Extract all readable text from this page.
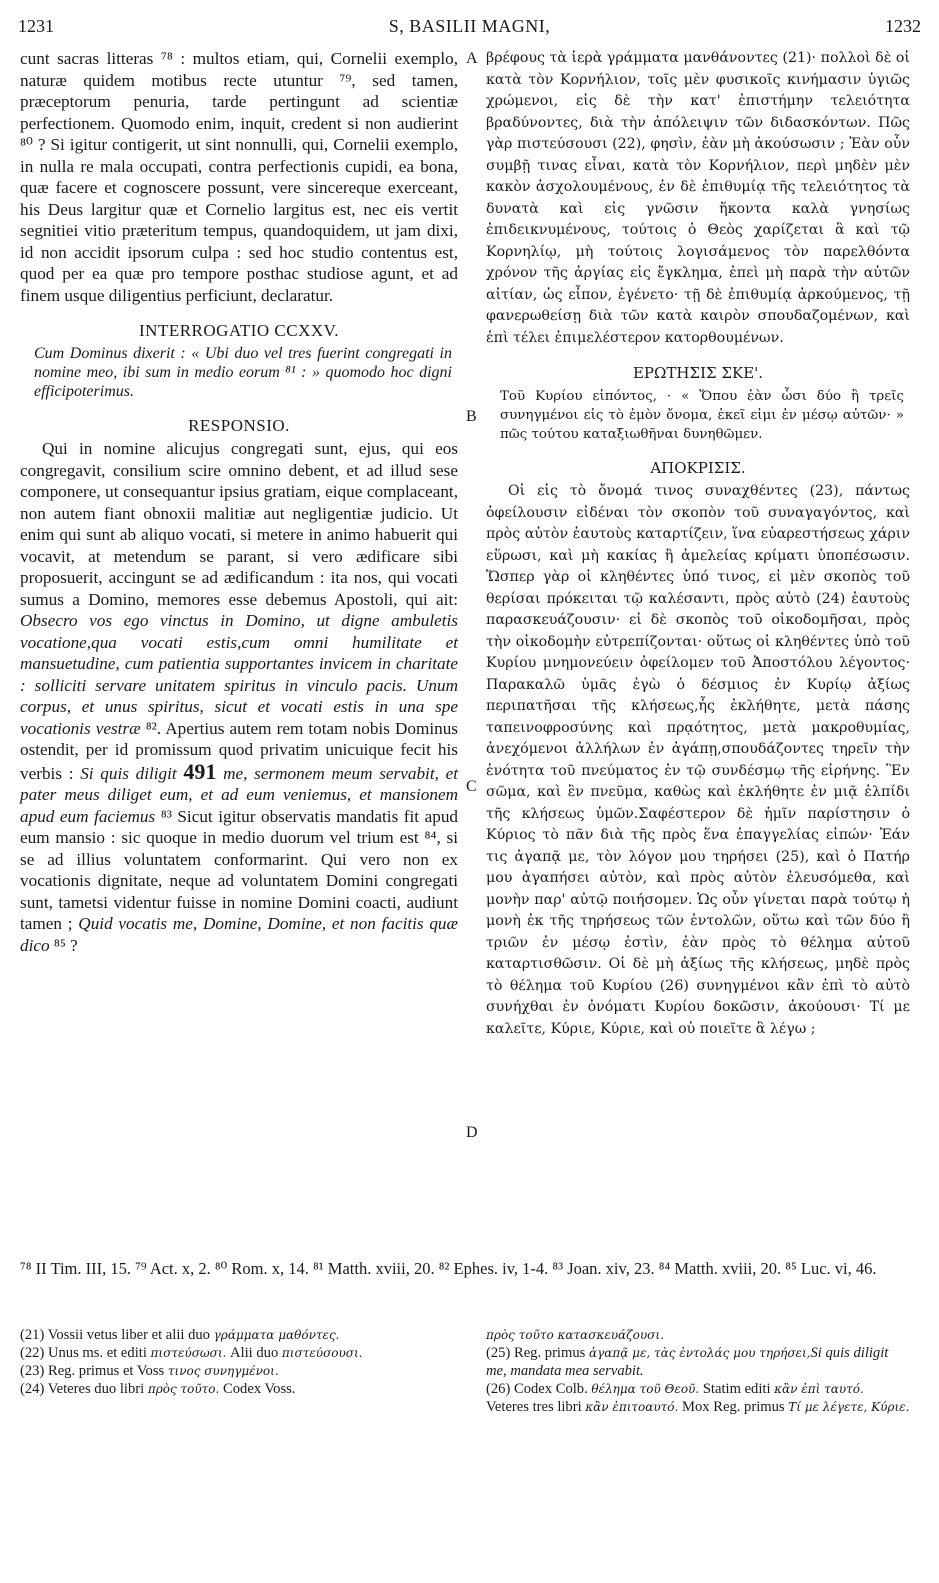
1231	S, BASILII MAGNI,	1232

cunt sacras litteras ⁷⁸ : multos etiam, qui, Cornelii exemplo, naturæ quidem motibus recte utuntur ⁷⁹, sed tamen, præceptorum penuria, tarde pertingunt ad scientiæ perfectionem. Quomodo enim, inquit, credent si non audierint ⁸⁰ ? Si igitur contigerit, ut sint nonnulli, qui, Cornelii exemplo, in nulla re mala occupati, contra perfectionis cupidi, ea bona, quæ facere et cognoscere possunt, vere sincereque exerceant, his Deus largitur quæ et Cornelio largitus est, nec eis vertit segnitiei vitio præteritum tempus, quandoquidem, ut jam dixi, id non accidit ipsorum culpa : sed hoc studio contentus est, quod per ea quæ pro tempore posthac studiose agunt, et ad finem usque diligentius perficiunt, declaratur.

INTERROGATIO CCXXV.

Cum Dominus dixerit : « Ubi duo vel tres fuerint congregati in nomine meo, ibi sum in medio eorum ⁸¹ : » quomodo hoc digni efficipoterimus.

RESPONSIO.

Qui in nomine alicujus congregati sunt, ejus, qui eos congregavit, consilium scire omnino debent, et ad illud sese componere, ut consequantur ipsius gratiam, eique complaceant, non autem fiant obnoxii malitiæ aut negligentiæ judicio. Ut enim qui sunt ab aliquo vocati, si metere in animo habuerit qui vocavit, at metendum se parant, si vero ædificare sibi proposuerit, accingunt se ad ædificandum : ita nos, qui vocati sumus a Domino, memores esse debemus Apostoli, qui ait: Obsecro vos ego vinctus in Domino, ut digne ambuletis vocatione,qua vocati estis,cum omni humilitate et mansuetudine, cum patientia supportantes invicem in charitate : solliciti servare unitatem spiritus in vinculo pacis. Unum corpus, et unus spiritus, sicut et vocati estis in una spe vocationis vestræ ⁸². Apertius autem rem totam nobis Dominus ostendit, per id promissum quod privatim unicuique fecit his verbis : Si quis diligit 491 me, sermonem meum servabit, et pater meus diliget eum, et ad eum veniemus, et mansionem apud eum faciemus ⁸³ Sicut igitur observatis mandatis fit apud eum mansio : sic quoque in medio duorum vel trium est ⁸⁴, si se ad illius voluntatem conformarint. Qui vero non ex vocationis dignitate, neque ad voluntatem Domini congregati sunt, tametsi videntur fuisse in nomine Domini coacti, audiunt tamen ; Quid vocatis me, Domine, Domine, et non facitis quæ dico ⁸⁵ ?

A
B
C
D

βρέφους τὰ ἱερὰ γράμματα μανθάνοντες (21)· πολλοὶ δὲ οἱ κατὰ τὸν Κορνήλιον, τοῖς μὲν φυσικοῖς κινήμασιν ὑγιῶς χρώμενοι, εἰς δὲ τὴν κατ' ἐπιστήμην τελειότητα βραδύνοντες, διὰ τὴν ἀπόλειψιν τῶν διδασκόντων. Πῶς γὰρ πιστεύσουσι (22), φησὶν, ἐὰν μὴ ἀκούσωσιν ; Ἐὰν οὖν συμβῇ τινας εἶναι, κατὰ τὸν Κορνήλιον, περὶ μηδὲν μὲν κακὸν ἀσχολουμένους, ἐν δὲ ἐπιθυμίᾳ τῆς τελειότητος τὰ δυνατὰ καὶ εἰς γνῶσιν ἥκοντα καλὰ γνησίως ἐπιδεικνυμένους, τούτοις ὁ Θεὸς χαρίζεται ἃ καὶ τῷ Κορνηλίῳ, μὴ τούτοις λογισάμενος τὸν παρελθόντα χρόνον τῆς ἀργίας εἰς ἔγκλημα, ἐπεὶ μὴ παρὰ τὴν αὐτῶν αἰτίαν, ὡς εἶπον, ἐγένετο· τῇ δὲ ἐπιθυμίᾳ ἀρκούμενος, τῇ φανερωθείσῃ διὰ τῶν κατὰ καιρὸν σπουδαζομένων, καὶ ἐπὶ τέλει ἐπιμελέστερον κατορθουμένων.

ΕΡΩΤΗΣΙΣ ΣΚΕ'.

Τοῦ Κυρίου εἰπόντος, · « Ὅπου ἐὰν ὦσι δύο ἢ τρεῖς συνηγμένοι εἰς τὸ ἐμὸν ὄνομα, ἐκεῖ εἰμι ἐν μέσῳ αὐτῶν· » πῶς τούτου καταξιωθῆναι δυνηθῶμεν.

ΑΠΟΚΡΙΣΙΣ.

Οἱ εἰς τὸ ὄνομά τινος συναχθέντες (23), πάντως ὀφείλουσιν εἰδέναι τὸν σκοπὸν τοῦ συναγαγόντος, καὶ πρὸς αὐτὸν ἑαυτοὺς καταρτίζειν, ἵνα εὐαρεστήσεως χάριν εὕρωσι, καὶ μὴ κακίας ἢ ἀμελείας κρίματι ὑποπέσωσιν. Ὥσπερ γὰρ οἱ κληθέντες ὑπό τινος, εἰ μὲν σκοπὸς τοῦ θερίσαι πρόκειται τῷ καλέσαντι, πρὸς αὐτὸ (24) ἑαυτοὺς παρασκευάζουσιν· εἰ δὲ σκοπὸς τοῦ οἰκοδομῆσαι, πρὸς τὴν οἰκοδομὴν εὐτρεπίζονται· οὕτως οἱ κληθέντες ὑπὸ τοῦ Κυρίου μνημονεύειν ὀφείλομεν τοῦ Ἀποστόλου λέγοντος· Παρακαλῶ ὑμᾶς ἐγὼ ὁ δέσμιος ἐν Κυρίῳ ἀξίως περιπατῆσαι τῆς κλήσεως,ἧς ἐκλήθητε, μετὰ πάσης ταπεινοφροσύνης καὶ πρᾳότητος, μετὰ μακροθυμίας, ἀνεχόμενοι ἀλλήλων ἐν ἀγάπῃ,σπουδάζοντες τηρεῖν τὴν ἑνότητα τοῦ πνεύματος ἐν τῷ συνδέσμῳ τῆς εἰρήνης. Ἓν σῶμα, καὶ ἓν πνεῦμα, καθὼς καὶ ἐκλήθητε ἐν μιᾷ ἐλπίδι τῆς κλήσεως ὑμῶν.Σαφέστερον δὲ ἡμῖν παρίστησιν ὁ Κύριος τὸ πᾶν διὰ τῆς πρὸς ἕνα ἐπαγγελίας εἰπών· Ἐάν τις ἀγαπᾷ με, τὸν λόγον μου τηρήσει (25), καὶ ὁ Πατήρ μου ἀγαπήσει αὐτὸν, καὶ πρὸς αὐτὸν ἐλευσόμεθα, καὶ μονὴν παρ' αὐτῷ ποιήσομεν. Ὡς οὖν γίνεται παρὰ τούτῳ ἡ μονὴ ἐκ τῆς τηρήσεως τῶν ἐντολῶν, οὕτω καὶ τῶν δύο ἢ τριῶν ἐν μέσῳ ἐστὶν, ἐὰν πρὸς τὸ θέλημα αὐτοῦ καταρτισθῶσιν. Οἱ δὲ μὴ ἀξίως τῆς κλήσεως, μηδὲ πρὸς τὸ θέλημα τοῦ Κυρίου (26) συνηγμένοι κἂν ἐπὶ τὸ αὐτὸ συνήχθαι ἐν ὀνόματι Κυρίου δοκῶσιν, ἀκούουσι· Τί με καλεῖτε, Κύριε, Κύριε, καὶ οὐ ποιεῖτε ἃ λέγω ;

⁷⁸ II Tim. III, 15. ⁷⁹ Act. x, 2. ⁸⁰ Rom. x, 14. ⁸¹ Matth. xviii, 20. ⁸² Ephes. iv, 1-4. ⁸³ Joan. xiv, 23. ⁸⁴ Matth. xviii, 20. ⁸⁵ Luc. vi, 46.

(21) Vossii vetus liber et alii duo γράμματα μαθόντες.

(22) Unus ms. et editi πιστεύσωσι. Alii duo πιστεύσουσι.

(23) Reg. primus et Voss τινος συνηγμένοι.

(24) Veteres duo libri πρὸς τοῦτο. Codex Voss.

πρὸς τοῦτο κατασκευάζουσι.

(25) Reg. primus ἀγαπᾷ με, τὰς ἐντολάς μου τηρήσει,Si quis diligit me, mandata mea servabit.

(26) Codex Colb. θέλημα τοῦ Θεοῦ. Statim editi κἂν ἐπὶ ταυτό. Veteres tres libri κἂν ἐπιτοαυτό. Mox Reg. primus Τί με λέγετε, Κύριε.
